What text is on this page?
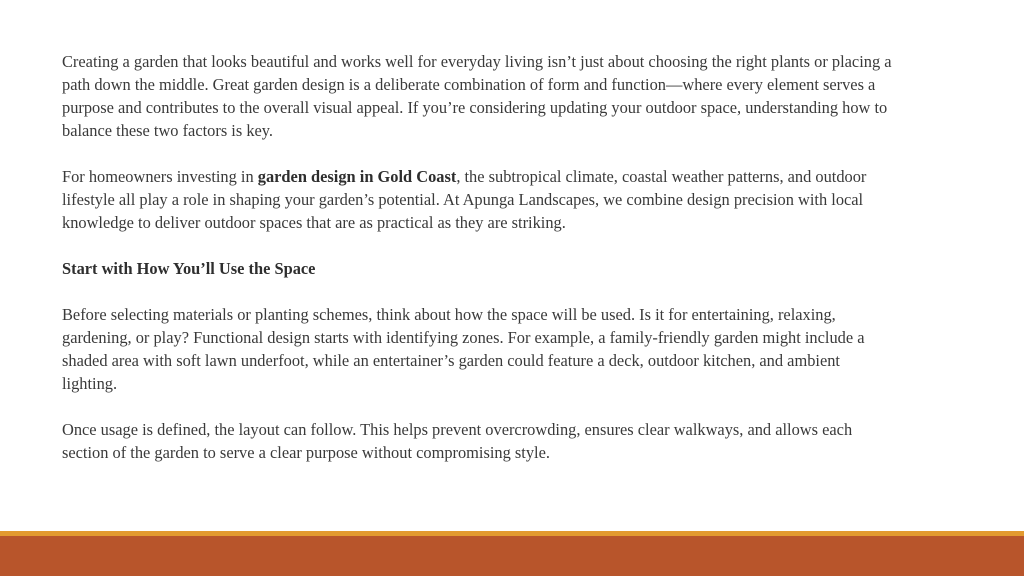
Creating a garden that looks beautiful and works well for everyday living isn’t just about choosing the right plants or placing a path down the middle. Great garden design is a deliberate combination of form and function—where every element serves a purpose and contributes to the overall visual appeal. If you’re considering updating your outdoor space, understanding how to balance these two factors is key.

For homeowners investing in garden design in Gold Coast, the subtropical climate, coastal weather patterns, and outdoor lifestyle all play a role in shaping your garden’s potential. At Apunga Landscapes, we combine design precision with local knowledge to deliver outdoor spaces that are as practical as they are striking.

Start with How You’ll Use the Space

Before selecting materials or planting schemes, think about how the space will be used. Is it for entertaining, relaxing, gardening, or play? Functional design starts with identifying zones. For example, a family-friendly garden might include a shaded area with soft lawn underfoot, while an entertainer’s garden could feature a deck, outdoor kitchen, and ambient lighting.

Once usage is defined, the layout can follow. This helps prevent overcrowding, ensures clear walkways, and allows each section of the garden to serve a clear purpose without compromising style.
